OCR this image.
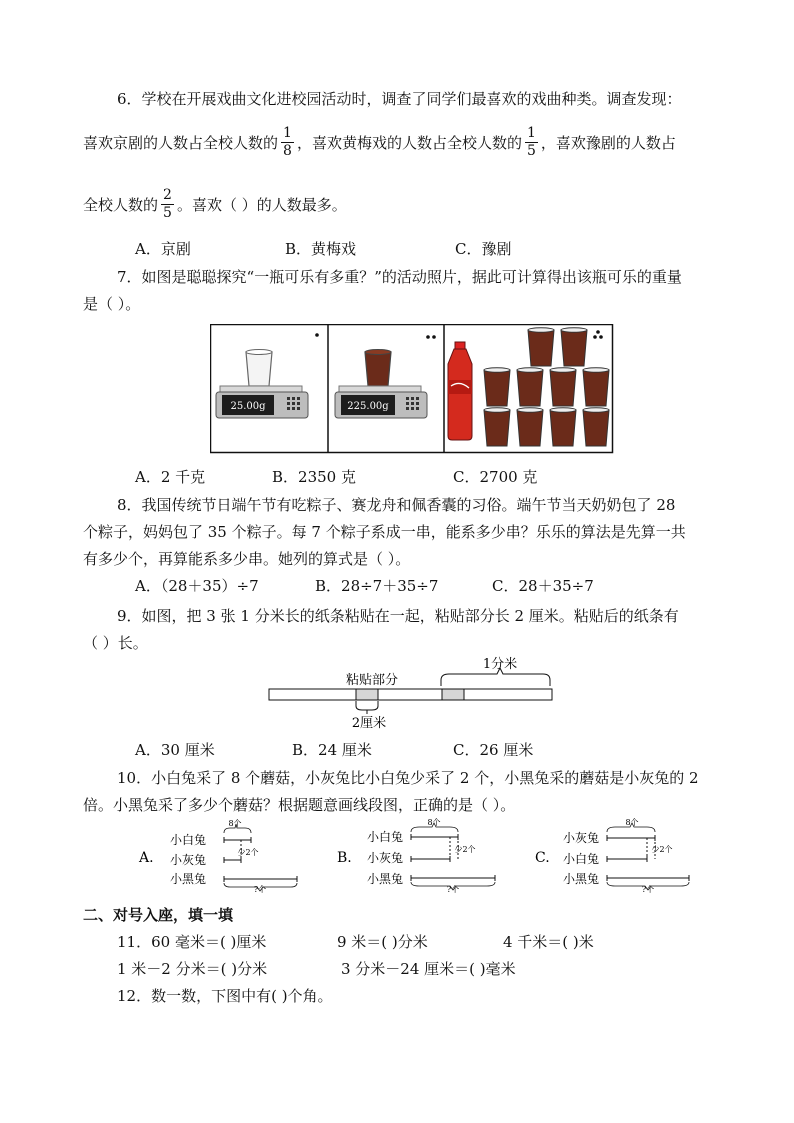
6．学校在开展戏曲文化进校园活动时，调查了同学们最喜欢的戏曲种类。调查发现：
喜欢京剧的人数占全校人数的 $\frac{1}{8}$ ，喜欢黄梅戏的人数占全校人数的 $\frac{1}{5}$ ，喜欢豫剧的人数占
全校人数的 $\frac{2}{5}$ 。喜欢（ ）的人数最多。
A．京剧	B．黄梅戏	C．豫剧
7．如图是聪聪探究“一瓶可乐有多重？”的活动照片，据此可计算得出该瓶可乐的重量
是（ ）。
25.00g	225.00g
A．2 千克	B．2350 克	C．2700 克
8．我国传统节日端午节有吃粽子、赛龙舟和佩香囊的习俗。端午节当天奶奶包了 28
个粽子，妈妈包了 35 个粽子。每 7 个粽子系成一串，能系多少串？乐乐的算法是先算一共
有多少个，再算能系多少串。她列的算式是（ ）。
A．（28＋35）÷7	B．28÷7＋35÷7	C．28＋35÷7
9．如图，把 3 张 1 分米长的纸条粘贴在一起，粘贴部分长 2 厘米。粘贴后的纸条有
（ ）长。
1分米
粘贴部分
2厘米
A．30 厘米	B．24 厘米	C．26 厘米
10．小白兔采了 8 个蘑菇，小灰兔比小白兔少采了 2 个，小黑兔采的蘑菇是小灰兔的 2
倍。小黑兔采了多少个蘑菇？根据题意画线段图，正确的是（ ）。
A.
小白兔
小灰兔
小黑兔
8个
少2个
?个
B.
小白兔
小灰兔
小黑兔
8个
少2个
?个
C.
小灰兔
小白兔
小黑兔
8个
少2个
?个
二、对号入座，填一填
11．60 毫米＝( )厘米	9 米＝( )分米	4 千米＝( )米
1 米－2 分米＝( )分米	3 分米－24 厘米＝( )毫米
12．数一数，下图中有( )个角。
